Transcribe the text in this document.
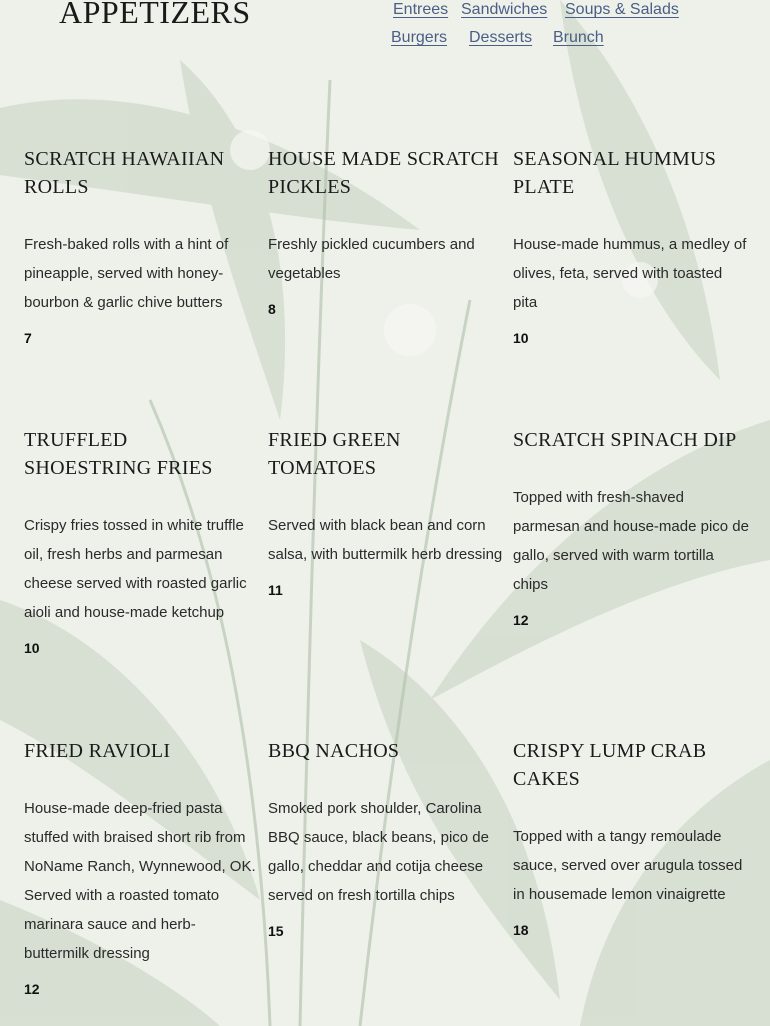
APPETIZERS	Entrees Sandwiches Soups & Salads
Burgers Desserts Brunch
SCRATCH HAWAIIAN ROLLS

Fresh-baked rolls with a hint of pineapple, served with honey-bourbon & garlic chive butters

7
HOUSE MADE SCRATCH PICKLES

Freshly pickled cucumbers and vegetables

8
SEASONAL HUMMUS PLATE

House-made hummus, a medley of olives, feta, served with toasted pita

10
TRUFFLED SHOESTRING FRIES

Crispy fries tossed in white truffle oil, fresh herbs and parmesan cheese served with roasted garlic aioli and house-made ketchup

10
FRIED GREEN TOMATOES

Served with black bean and corn salsa, with buttermilk herb dressing

11
SCRATCH SPINACH DIP

Topped with fresh-shaved parmesan and house-made pico de gallo, served with warm tortilla chips

12
FRIED RAVIOLI

House-made deep-fried pasta stuffed with braised short rib from NoName Ranch, Wynnewood, OK. Served with a roasted tomato marinara sauce and herb-buttermilk dressing

12
BBQ NACHOS

Smoked pork shoulder, Carolina BBQ sauce, black beans, pico de gallo, cheddar and cotija cheese served on fresh tortilla chips

15
CRISPY LUMP CRAB CAKES

Topped with a tangy remoulade sauce, served over arugula tossed in housemade lemon vinaigrette

18
